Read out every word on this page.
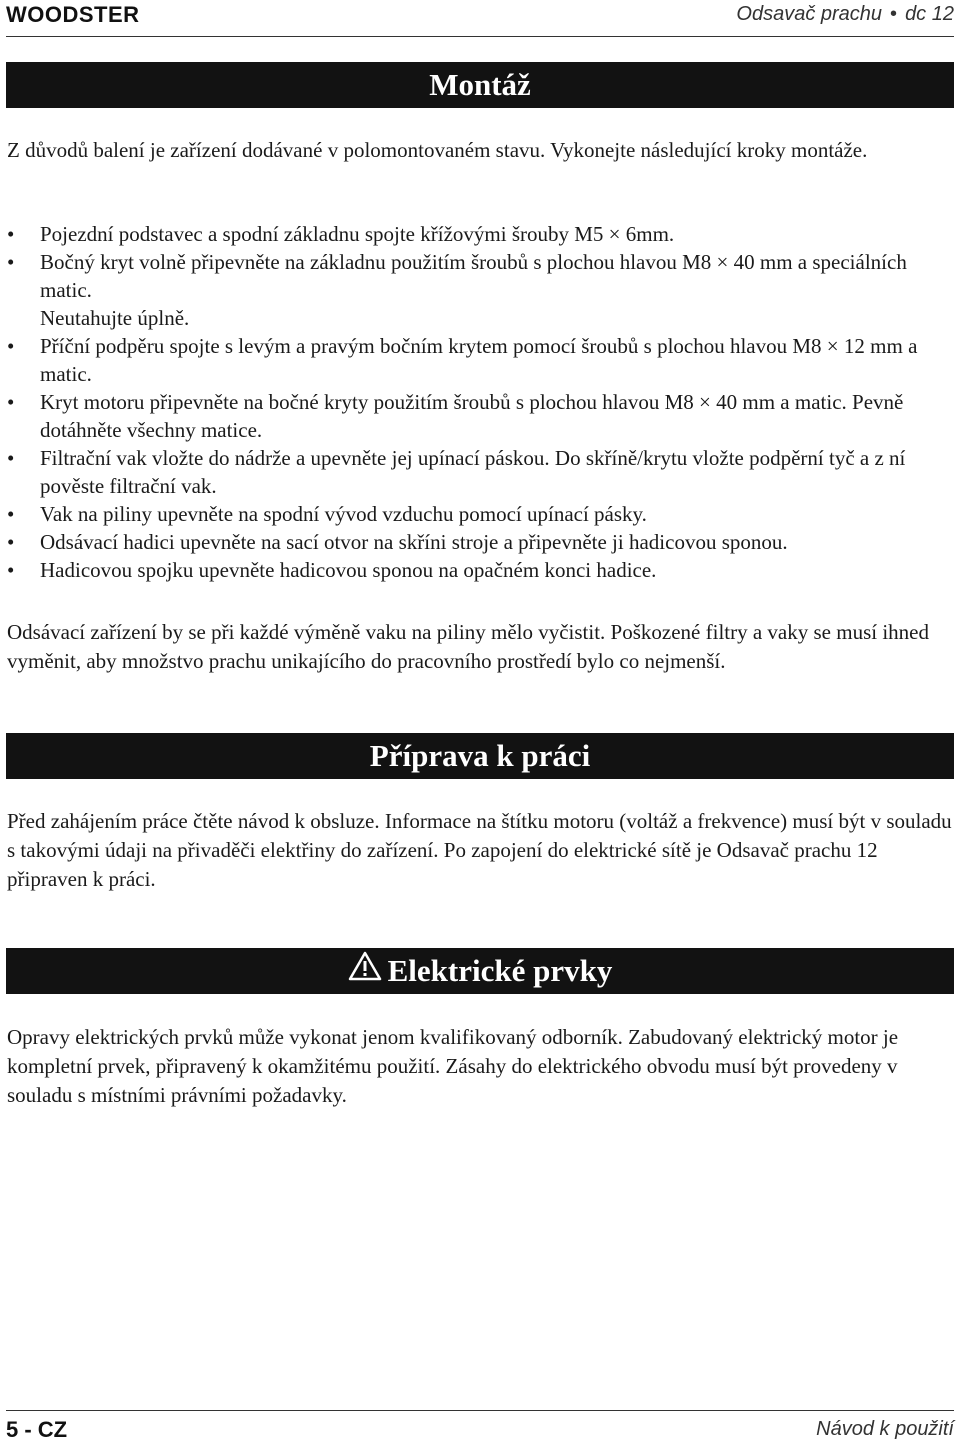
WOODSTER	Odsavač prachu • dc 12
Montáž

Z důvodů balení je zařízení dodávané v polomontovaném stavu. Vykonejte následující kroky montáže.

• Pojezdní podstavec a spodní základnu spojte křížovými šrouby M5 × 6mm.
• Bočný kryt volně připevněte na základnu použitím šroubů s plochou hlavou M8 × 40 mm a speciálních matic.
Neutahujte úplně.
• Příční podpěru spojte s levým a pravým bočním krytem pomocí šroubů s plochou hlavou M8 × 12 mm a matic.
• Kryt motoru připevněte na bočné kryty použitím šroubů s plochou hlavou M8 × 40 mm a matic. Pevně dotáhněte všechny matice.
• Filtrační vak vložte do nádrže a upevněte jej upínací páskou. Do skříně/krytu vložte podpěrní tyč a z ní pověste filtrační vak.
• Vak na piliny upevněte na spodní vývod vzduchu pomocí upínací pásky.
• Odsávací hadici upevněte na sací otvor na skříni stroje a připevněte ji hadicovou sponou.
• Hadicovou spojku upevněte hadicovou sponou na opačném konci hadice.

Odsávací zařízení by se při každé výměně vaku na piliny mělo vyčistit. Poškozené filtry a vaky se musí ihned vyměnit, aby množstvo prachu unikajícího do pracovního prostředí bylo co nejmenší.

Příprava k práci

Před zahájením práce čtěte návod k obsluze. Informace na štítku motoru (voltáž a frekvence) musí být v souladu s takovými údaji na přivaděči elektřiny do zařízení. Po zapojení do elektrické sítě je Odsavač prachu 12 připraven k práci.

Elektrické prvky

Opravy elektrických prvků může vykonat jenom kvalifikovaný odborník. Zabudovaný elektrický motor je kompletní prvek, připravený k okamžitému použití. Zásahy do elektrického obvodu musí být provedeny v souladu s místními právními požadavky.

5 - CZ	Návod k použití
